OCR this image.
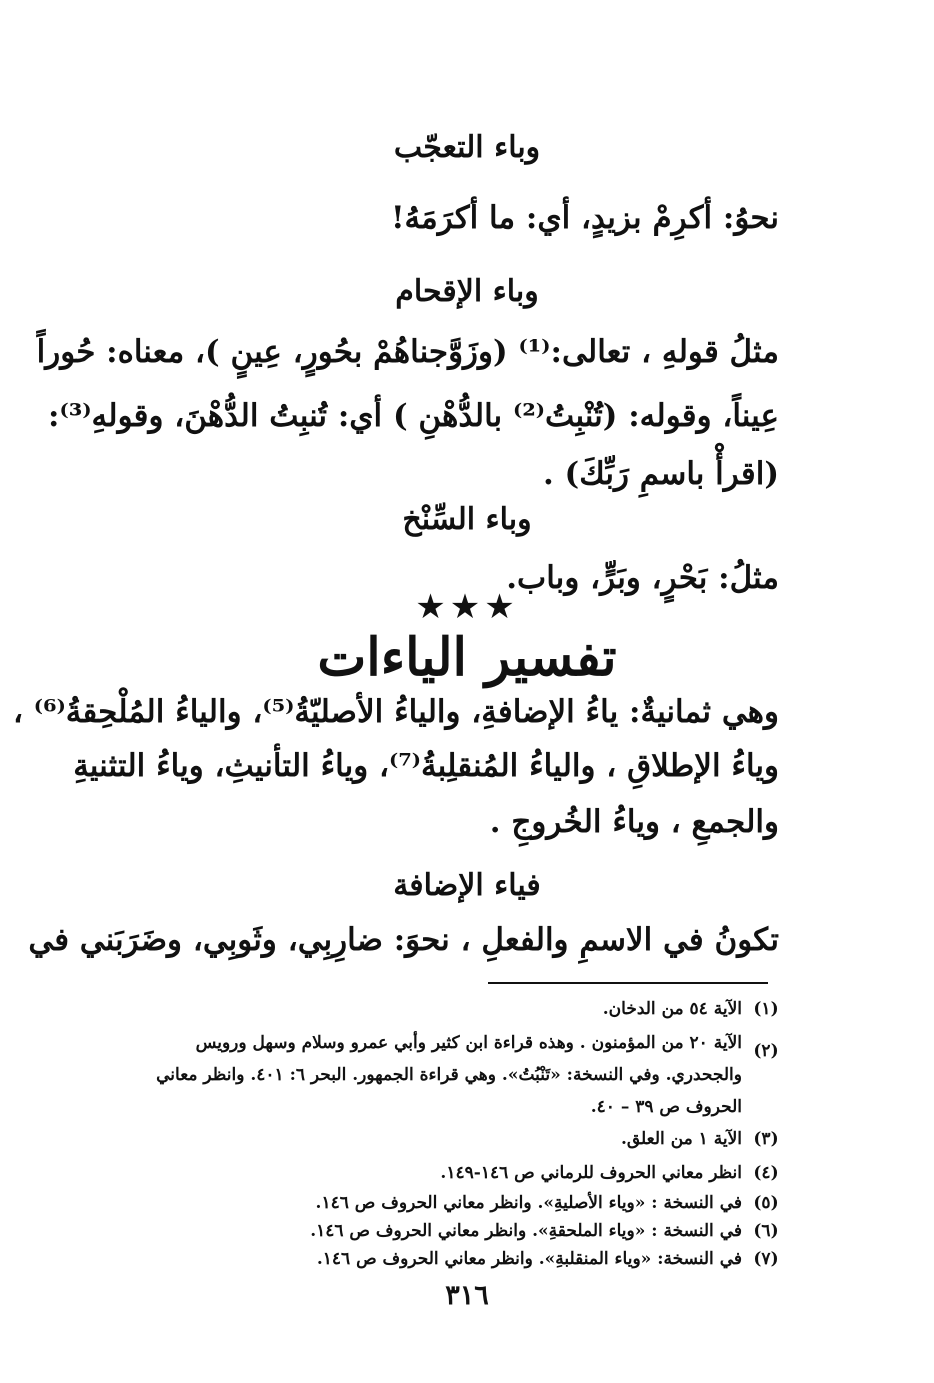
وباء التعجّب
نحوُ: أكرِمْ بزيدٍ، أي: ما أكرَمَهُ!
وباء الإقحام
مثلُ قولهِ ، تعالى:⁽¹⁾ (وزَوَّجناهُمْ بحُورٍ، عِينٍ )، معناه: حُوراً
عِيناً، وقوله: (تُنْبِتُ⁽²⁾ بالدُّهْنِ ) أي: تُنبِتُ الدُّهْنَ، وقولهِ⁽³⁾:
(اقرأْ باسمِ رَبِّكَ) .
وباء السِّنْخ
مثلُ: بَحْرٍ، وبَرٍّ، وباب.
★★★
تفسير الياءات
وهي ثمانيةٌ: ياءُ الإضافةِ، والياءُ الأصليّةُ⁽⁵⁾، والياءُ المُلْحِقةُ⁽⁶⁾ ،
وياءُ الإطلاقِ ، والياءُ المُنقلِبةُ⁽⁷⁾، وياءُ التأنيثِ، وياءُ التثنيةِ
والجمعِ ، وياءُ الخُروجِ .
فياء الإضافة
تكونُ في الاسمِ والفعلِ ، نحوَ: ضارِبِي، وثَوبِي، وضَرَبَني في
(١)
الآية ٥٤ من الدخان.
(٢)
الآية ٢٠ من المؤمنون . وهذه قراءة ابن كثير وأبي عمرو وسلام وسهل ورويس
والجحدري. وفي النسخة: «تَنْبُتُ». وهي قراءة الجمهور. البحر ٦: ٤٠١. وانظر معاني
الحروف ص ٣٩ – ٤٠.
(٣)
الآية ١ من العلق.
(٤)
انظر معاني الحروف للرماني ص ١٤٦-١٤٩.
(٥)
في النسخة : «وياء الأصليةِ». وانظر معاني الحروف ص ١٤٦.
(٦)
في النسخة : «وياء الملحقةِ». وانظر معاني الحروف ص ١٤٦.
(٧)
في النسخة: «وياء المنقلبةِ». وانظر معاني الحروف ص ١٤٦.
٣١٦
